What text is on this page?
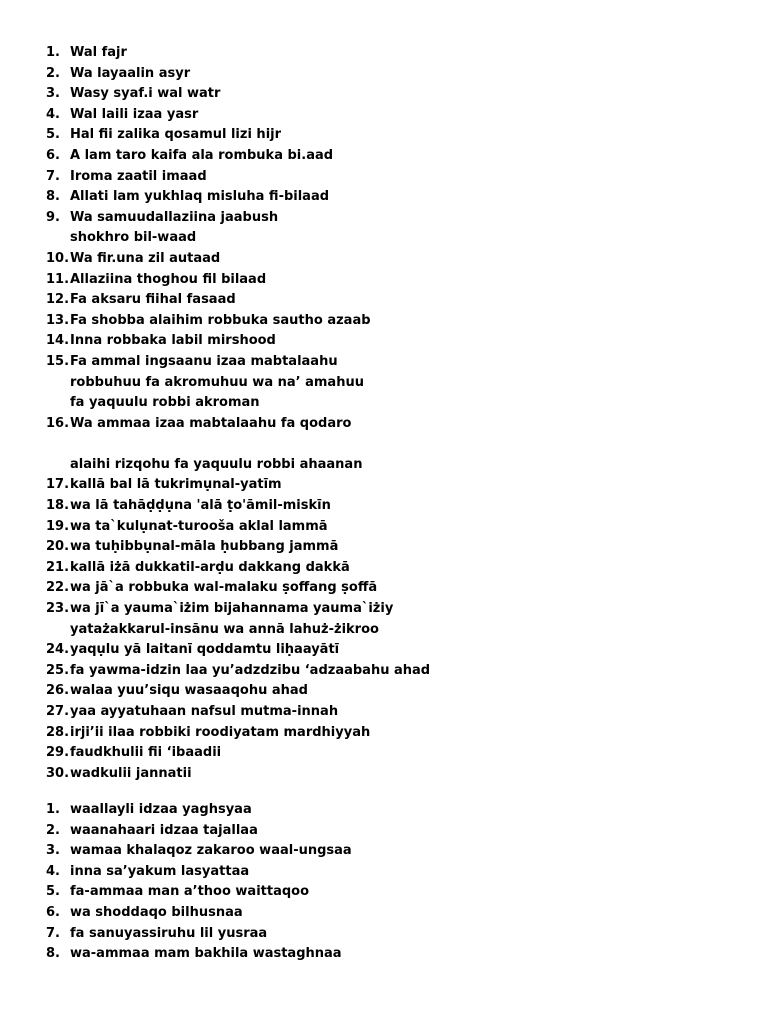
1. Wal fajr
2. Wa layaalin asyr
3. Wasy syaf.i wal watr
4. Wal laili izaa yasr
5. Hal fii zalika qosamul lizi hijr
6. A lam taro kaifa ala rombuka bi.aad
7. Iroma zaatil imaad
8. Allati lam yukhlaq misluha fi-bilaad
9. Wa samuudallaziina jaabush
shokhro bil-waad
10. Wa fir.una zil autaad
11. Allaziina thoghou fil bilaad
12. Fa aksaru fiihal fasaad
13. Fa shobba alaihim robbuka sautho azaab
14. Inna robbaka labil mirshood
15. Fa ammal ingsaanu izaa mabtalaahu
robbuhuu fa akromuhuu wa na’ amahuu
fa yaquulu robbi akroman
16. Wa ammaa izaa mabtalaahu fa qodaro
alaihi rizqohu fa yaquulu robbi ahaanan
17. kallā bal lā tukrimụnal-yatīm
18. wa lā tahāḍḍụna 'alā ṭo'āmil-miskīn
19. wa ta`kulụnat-turooša aklal lammā
20. wa tuḥibbụnal-māla ḥubbang jammā
21. kallā iżā dukkatil-arḍu dakkang dakkā
22. wa jā`a robbuka wal-malaku ṣoffang ṣoffā
23. wa jī`a yauma`iżim bijahannama yauma`iżiy
yatażakkarul-insānu wa annā lahuż-żikroo
24. yaqụlu yā laitanī qoddamtu liḥaayātī
25. fa yawma-idzin laa yu’adzdzibu ‘adzaabahu ahad
26. walaa yuu’siqu wasaaqohu ahad
27. yaa ayyatuhaan nafsul mutma-innah
28. irji’ii ilaa robbiki roodiyatam mardhiyyah
29. faudkhulii fii ‘ibaadii
30. wadkulii jannatii
1. waallayli idzaa yaghsyaa
2. waanahaari idzaa tajallaa
3. wamaa khalaqoz zakaroo waal-ungsaa
4. inna sa’yakum lasyattaa
5. fa-ammaa man a’thoo waittaqoo
6. wa shoddaqo bilhusnaa
7. fa sanuyassiruhu lil yusraa
8. wa-ammaa mam bakhila wastaghnaa
